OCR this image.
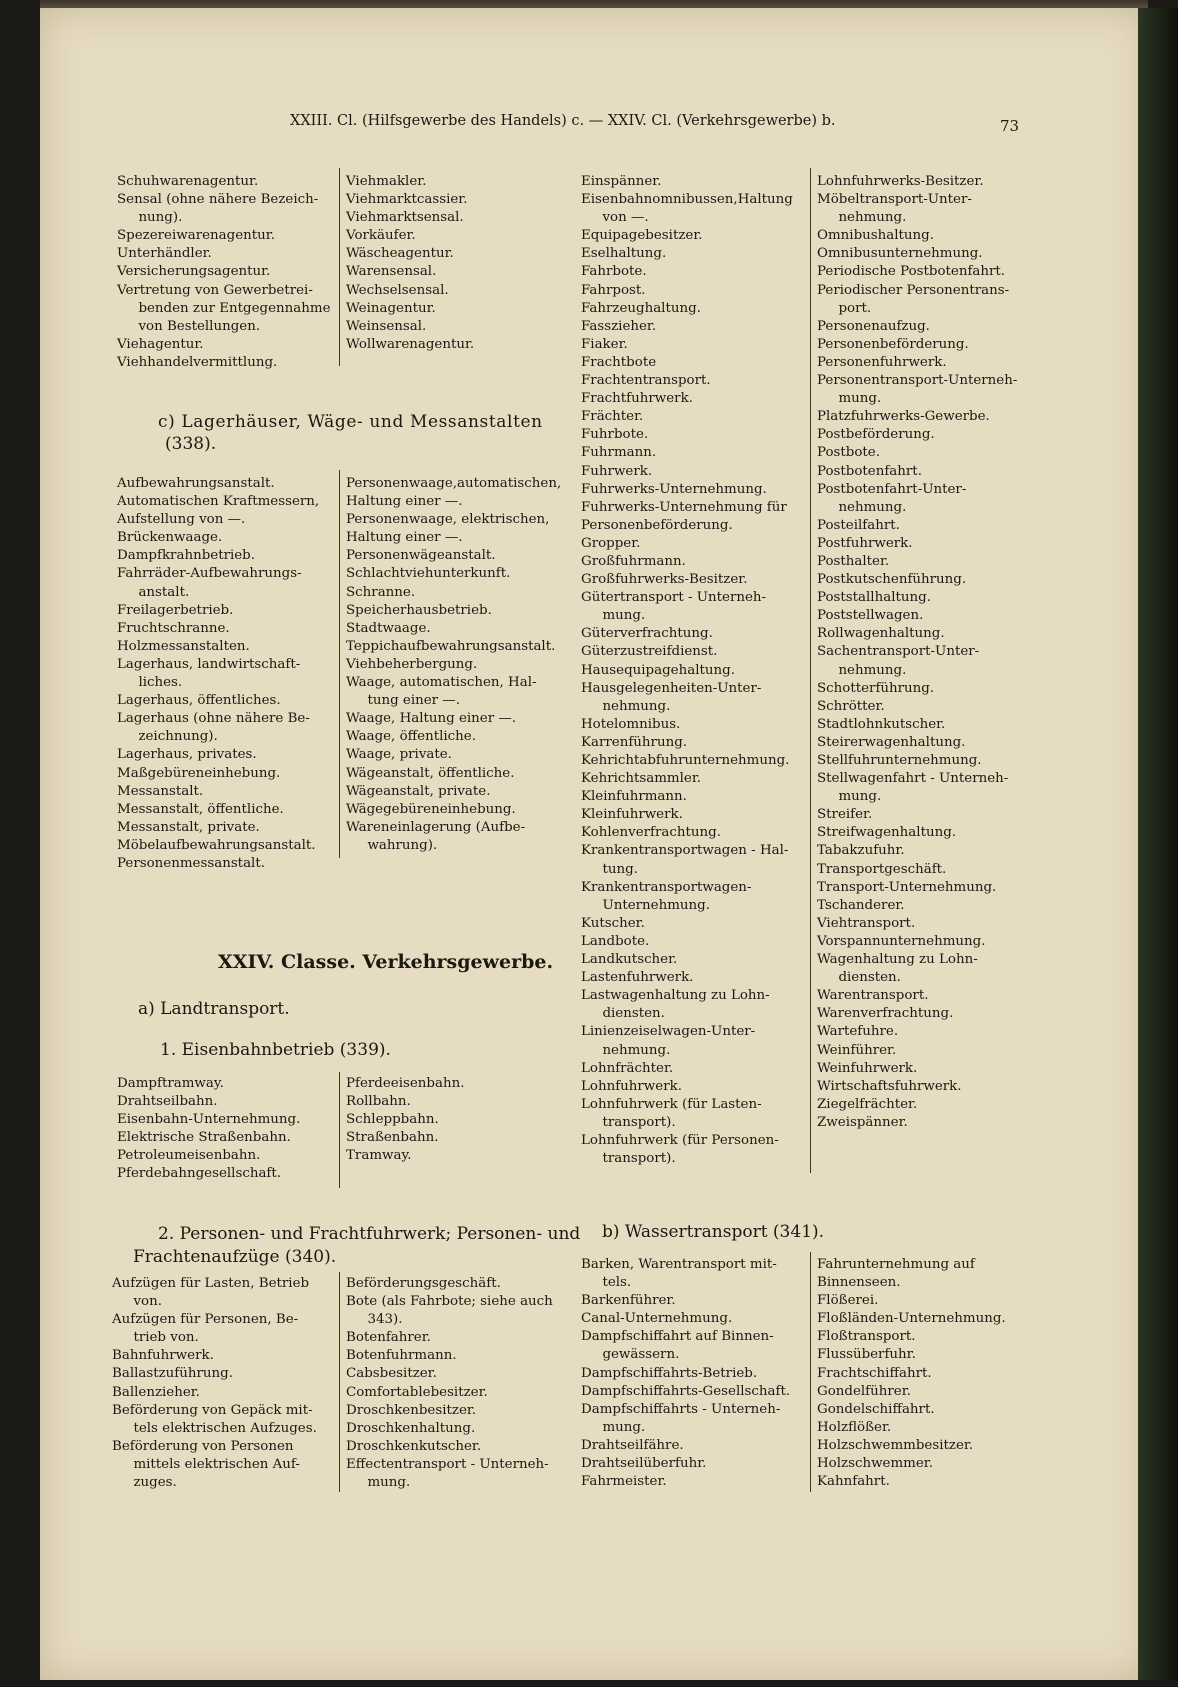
XXIII. Cl. (Hilfsgewerbe des Handels) c. — XXIV. Cl. (Verkehrsgewerbe) b.	73
Schuhwarenagentur.
Sensal (ohne nähere Bezeich-
nung).
Spezereiwarenagentur.
Unterhändler.
Versicherungsagentur.
Vertretung von Gewerbetrei-
benden zur Entgegennahme
von Bestellungen.
Viehagentur.
Viehhandelvermittlung.
Viehmakler.
Viehmarktcassier.
Viehmarktsensal.
Vorkäufer.
Wäscheagentur.
Warensensal.
Wechselsensal.
Weinagentur.
Weinsensal.
Wollwarenagentur.
c) Lagerhäuser, Wäge- und Messanstalten
(338).
Aufbewahrungsanstalt.
Automatischen Kraftmessern,
Aufstellung von —.
Brückenwaage.
Dampfkrahnbetrieb.
Fahrräder-Aufbewahrungs-
anstalt.
Freilagerbetrieb.
Fruchtschranne.
Holzmessanstalten.
Lagerhaus, landwirtschaft-
liches.
Lagerhaus, öffentliches.
Lagerhaus (ohne nähere Be-
zeichnung).
Lagerhaus, privates.
Maßgebüreneinhebung.
Messanstalt.
Messanstalt, öffentliche.
Messanstalt, private.
Möbelaufbewahrungsanstalt.
Personenmessanstalt.
Personenwaage,automatischen,
Haltung einer —.
Personenwaage, elektrischen,
Haltung einer —.
Personenwägeanstalt.
Schlachtviehunterkunft.
Schranne.
Speicherhausbetrieb.
Stadtwaage.
Teppichaufbewahrungsanstalt.
Viehbeherbergung.
Waage, automatischen, Hal-
tung einer —.
Waage, Haltung einer —.
Waage, öffentliche.
Waage, private.
Wägeanstalt, öffentliche.
Wägeanstalt, private.
Wägegebüreneinhebung.
Wareneinlagerung (Aufbe-
wahrung).
XXIV. Classe. Verkehrsgewerbe.
a) Landtransport.
1. Eisenbahnbetrieb (339).
Dampftramway.
Drahtseilbahn.
Eisenbahn-Unternehmung.
Elektrische Straßenbahn.
Petroleumeisenbahn.
Pferdebahngesellschaft.
Pferdeeisenbahn.
Rollbahn.
Schleppbahn.
Straßenbahn.
Tramway.
2. Personen- und Frachtfuhrwerk; Personen- und
Frachtenaufzüge (340).
Aufzügen für Lasten, Betrieb
von.
Aufzügen für Personen, Be-
trieb von.
Bahnfuhrwerk.
Ballastzuführung.
Ballenzieher.
Beförderung von Gepäck mit-
tels elektrischen Aufzuges.
Beförderung von Personen
mittels elektrischen Auf-
zuges.
Beförderungsgeschäft.
Bote (als Fahrbote; siehe auch
343).
Botenfahrer.
Botenfuhrmann.
Cabsbesitzer.
Comfortablebesitzer.
Droschkenbesitzer.
Droschkenhaltung.
Droschkenkutscher.
Effectentransport - Unterneh-
mung.
Einspänner.
Eisenbahnomnibussen,Haltung
von —.
Equipagebesitzer.
Eselhaltung.
Fahrbote.
Fahrpost.
Fahrzeughaltung.
Fasszieher.
Fiaker.
Frachtbote
Frachtentransport.
Frachtfuhrwerk.
Frächter.
Fuhrbote.
Fuhrmann.
Fuhrwerk.
Fuhrwerks-Unternehmung.
Fuhrwerks-Unternehmung für
Personenbeförderung.
Gropper.
Großfuhrmann.
Großfuhrwerks-Besitzer.
Gütertransport - Unterneh-
mung.
Güterverfrachtung.
Güterzustreifdienst.
Hausequipagehaltung.
Hausgelegenheiten-Unter-
nehmung.
Hotelomnibus.
Karrenführung.
Kehrichtabfuhrunternehmung.
Kehrichtsammler.
Kleinfuhrmann.
Kleinfuhrwerk.
Kohlenverfrachtung.
Krankentransportwagen - Hal-
tung.
Krankentransportwagen-
Unternehmung.
Kutscher.
Landbote.
Landkutscher.
Lastenfuhrwerk.
Lastwagenhaltung zu Lohn-
diensten.
Linienzeiselwagen-Unter-
nehmung.
Lohnfrächter.
Lohnfuhrwerk.
Lohnfuhrwerk (für Lasten-
transport).
Lohnfuhrwerk (für Personen-
transport).
Lohnfuhrwerks-Besitzer.
Möbeltransport-Unter-
nehmung.
Omnibushaltung.
Omnibusunternehmung.
Periodische Postbotenfahrt.
Periodischer Personentrans-
port.
Personenaufzug.
Personenbeförderung.
Personenfuhrwerk.
Personentransport-Unterneh-
mung.
Platzfuhrwerks-Gewerbe.
Postbeförderung.
Postbote.
Postbotenfahrt.
Postbotenfahrt-Unter-
nehmung.
Posteilfahrt.
Postfuhrwerk.
Posthalter.
Postkutschenführung.
Poststallhaltung.
Poststellwagen.
Rollwagenhaltung.
Sachentransport-Unter-
nehmung.
Schotterführung.
Schrötter.
Stadtlohnkutscher.
Steirerwagenhaltung.
Stellfuhrunternehmung.
Stellwagenfahrt - Unterneh-
mung.
Streifer.
Streifwagenhaltung.
Tabakzufuhr.
Transportgeschäft.
Transport-Unternehmung.
Tschanderer.
Viehtransport.
Vorspannunternehmung.
Wagenhaltung zu Lohn-
diensten.
Warentransport.
Warenverfrachtung.
Wartefuhre.
Weinführer.
Weinfuhrwerk.
Wirtschaftsfuhrwerk.
Ziegelfrächter.
Zweispänner.
b) Wassertransport (341).
Barken, Warentransport mit-
tels.
Barkenführer.
Canal-Unternehmung.
Dampfschiffahrt auf Binnen-
gewässern.
Dampfschiffahrts-Betrieb.
Dampfschiffahrts-Gesellschaft.
Dampfschiffahrts - Unterneh-
mung.
Drahtseilfähre.
Drahtseilüberfuhr.
Fahrmeister.
Fahrunternehmung auf
Binnenseen.
Flößerei.
Floßländen-Unternehmung.
Floßtransport.
Flussüberfuhr.
Frachtschiffahrt.
Gondelführer.
Gondelschiffahrt.
Holzflößer.
Holzschwemmbesitzer.
Holzschwemmer.
Kahnfahrt.
